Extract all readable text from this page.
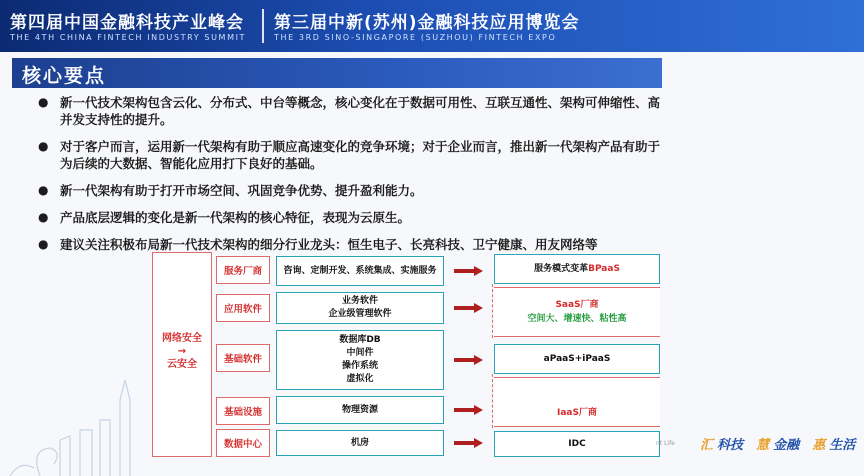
第四届中国金融科技产业峰会
THE 4TH CHINA FINTECH INDUSTRY SUMMIT
第三届中新(苏州)金融科技应用博览会
THE 3RD SINO-SINGAPORE (SUZHOU) FINTECH EXPO
核心要点
● 新一代技术架构包含云化、分布式、中台等概念，核心变化在于数据可用性、互联互通性、架构可伸缩性、高并发支持性的提升。
● 对于客户而言，运用新一代架构有助于顺应高速变化的竞争环境；对于企业而言，推出新一代架构产品有助于为后续的大数据、智能化应用打下良好的基础。
● 新一代架构有助于打开市场空间、巩固竞争优势、提升盈利能力。
● 产品底层逻辑的变化是新一代架构的核心特征，表现为云原生。
● 建议关注积极布局新一代技术架构的细分行业龙头：恒生电子、长亮科技、卫宁健康、用友网络等
网络安全
→
云安全
服务厂商
应用软件
基础软件
基础设施
数据中心
咨询、定制开发、系统集成、实施服务
业务软件
企业级管理软件
数据库DB
中间件
操作系统
虚拟化
物理资源
机房
服务模式变革BPaaS
SaaS厂商
空间大、增速快、粘性高
aPaaS+iPaaS
IaaS厂商
IDC	nt Life 汇 科技 慧 金融 惠 生活
